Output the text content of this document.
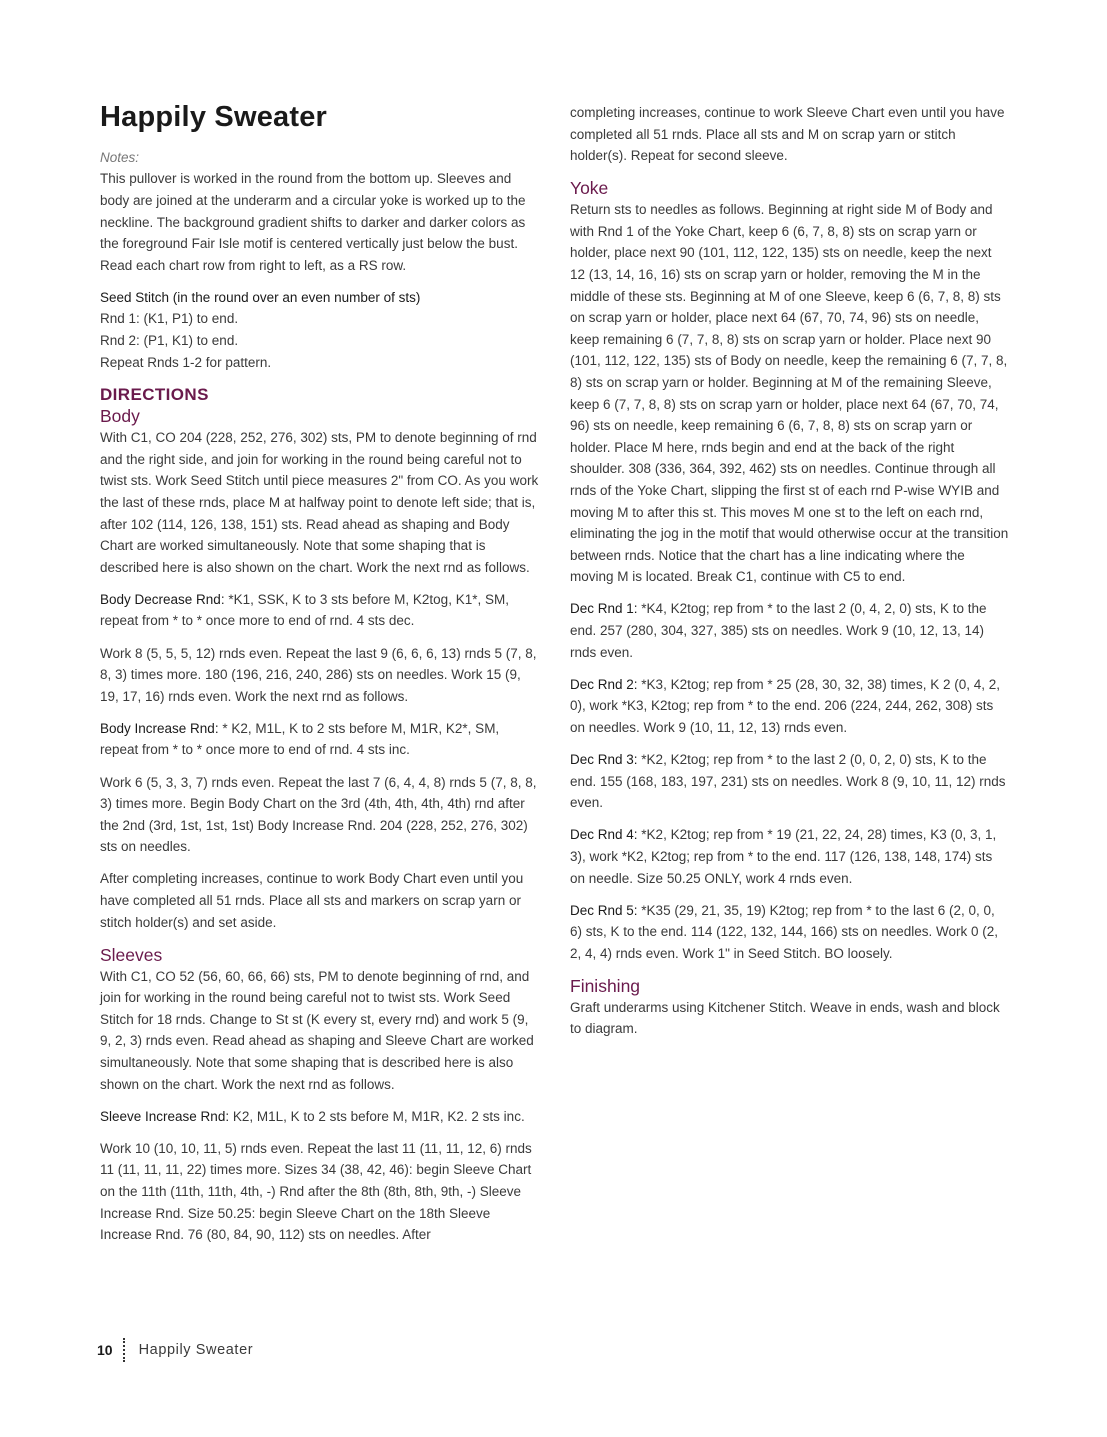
Happily Sweater
Notes:

This pullover is worked in the round from the bottom up. Sleeves and body are joined at the underarm and a circular yoke is worked up to the neckline. The background gradient shifts to darker and darker colors as the foreground Fair Isle motif is centered vertically just below the bust. Read each chart row from right to left, as a RS row.

Seed Stitch (in the round over an even number of sts)

Rnd 1: (K1, P1) to end.

Rnd 2: (P1, K1) to end.

Repeat Rnds 1-2 for pattern.

DIRECTIONS
Body

With C1, CO 204 (228, 252, 276, 302) sts, PM to denote beginning of rnd and the right side, and join for working in the round being careful not to twist sts. Work Seed Stitch until piece measures 2" from CO. As you work the last of these rnds, place M at halfway point to denote left side; that is, after 102 (114, 126, 138, 151) sts. Read ahead as shaping and Body Chart are worked simultaneously. Note that some shaping that is described here is also shown on the chart. Work the next rnd as follows.

Body Decrease Rnd: *K1, SSK, K to 3 sts before M, K2tog, K1*, SM, repeat from * to * once more to end of rnd. 4 sts dec.

Work 8 (5, 5, 5, 12) rnds even. Repeat the last 9 (6, 6, 6, 13) rnds 5 (7, 8, 8, 3) times more. 180 (196, 216, 240, 286) sts on needles. Work 15 (9, 19, 17, 16) rnds even. Work the next rnd as follows.

Body Increase Rnd: * K2, M1L, K to 2 sts before M, M1R, K2*, SM, repeat from * to * once more to end of rnd. 4 sts inc.

Work 6 (5, 3, 3, 7) rnds even. Repeat the last 7 (6, 4, 4, 8) rnds 5 (7, 8, 8, 3) times more. Begin Body Chart on the 3rd (4th, 4th, 4th, 4th) rnd after the 2nd (3rd, 1st, 1st, 1st) Body Increase Rnd. 204 (228, 252, 276, 302) sts on needles.

After completing increases, continue to work Body Chart even until you have completed all 51 rnds. Place all sts and markers on scrap yarn or stitch holder(s) and set aside.

Sleeves

With C1, CO 52 (56, 60, 66, 66) sts, PM to denote beginning of rnd, and join for working in the round being careful not to twist sts. Work Seed Stitch for 18 rnds. Change to St st (K every st, every rnd) and work 5 (9, 9, 2, 3) rnds even. Read ahead as shaping and Sleeve Chart are worked simultaneously. Note that some shaping that is described here is also shown on the chart. Work the next rnd as follows.

Sleeve Increase Rnd: K2, M1L, K to 2 sts before M, M1R, K2. 2 sts inc.

Work 10 (10, 10, 11, 5) rnds even. Repeat the last 11 (11, 11, 12, 6) rnds 11 (11, 11, 11, 22) times more. Sizes 34 (38, 42, 46): begin Sleeve Chart on the 11th (11th, 11th, 4th, -) Rnd after the 8th (8th, 8th, 9th, -) Sleeve Increase Rnd. Size 50.25: begin Sleeve Chart on the 18th Sleeve Increase Rnd. 76 (80, 84, 90, 112) sts on needles. After

completing increases, continue to work Sleeve Chart even until you have completed all 51 rnds. Place all sts and M on scrap yarn or stitch holder(s). Repeat for second sleeve.

Yoke

Return sts to needles as follows. Beginning at right side M of Body and with Rnd 1 of the Yoke Chart, keep 6 (6, 7, 8, 8) sts on scrap yarn or holder, place next 90 (101, 112, 122, 135) sts on needle, keep the next 12 (13, 14, 16, 16) sts on scrap yarn or holder, removing the M in the middle of these sts. Beginning at M of one Sleeve, keep 6 (6, 7, 8, 8) sts on scrap yarn or holder, place next 64 (67, 70, 74, 96) sts on needle, keep remaining 6 (7, 7, 8, 8) sts on scrap yarn or holder. Place next 90 (101, 112, 122, 135) sts of Body on needle, keep the remaining 6 (7, 7, 8, 8) sts on scrap yarn or holder. Beginning at M of the remaining Sleeve, keep 6 (7, 7, 8, 8) sts on scrap yarn or holder, place next 64 (67, 70, 74, 96) sts on needle, keep remaining 6 (6, 7, 8, 8) sts on scrap yarn or holder. Place M here, rnds begin and end at the back of the right shoulder. 308 (336, 364, 392, 462) sts on needles. Continue through all rnds of the Yoke Chart, slipping the first st of each rnd P-wise WYIB and moving M to after this st. This moves M one st to the left on each rnd, eliminating the jog in the motif that would otherwise occur at the transition between rnds. Notice that the chart has a line indicating where the moving M is located. Break C1, continue with C5 to end.

Dec Rnd 1: *K4, K2tog; rep from * to the last 2 (0, 4, 2, 0) sts, K to the end. 257 (280, 304, 327, 385) sts on needles. Work 9 (10, 12, 13, 14) rnds even.

Dec Rnd 2: *K3, K2tog; rep from * 25 (28, 30, 32, 38) times, K 2 (0, 4, 2, 0), work *K3, K2tog; rep from * to the end. 206 (224, 244, 262, 308) sts on needles. Work 9 (10, 11, 12, 13) rnds even.

Dec Rnd 3: *K2, K2tog; rep from * to the last 2 (0, 0, 2, 0) sts, K to the end. 155 (168, 183, 197, 231) sts on needles. Work 8 (9, 10, 11, 12) rnds even.

Dec Rnd 4: *K2, K2tog; rep from * 19 (21, 22, 24, 28) times, K3 (0, 3, 1, 3), work *K2, K2tog; rep from * to the end. 117 (126, 138, 148, 174) sts on needle. Size 50.25 ONLY, work 4 rnds even.

Dec Rnd 5: *K35 (29, 21, 35, 19) K2tog; rep from * to the last 6 (2, 0, 0, 6) sts, K to the end. 114 (122, 132, 144, 166) sts on needles. Work 0 (2, 2, 4, 4) rnds even. Work 1" in Seed Stitch. BO loosely.

Finishing

Graft underarms using Kitchener Stitch. Weave in ends, wash and block to diagram.

10 Happily Sweater
